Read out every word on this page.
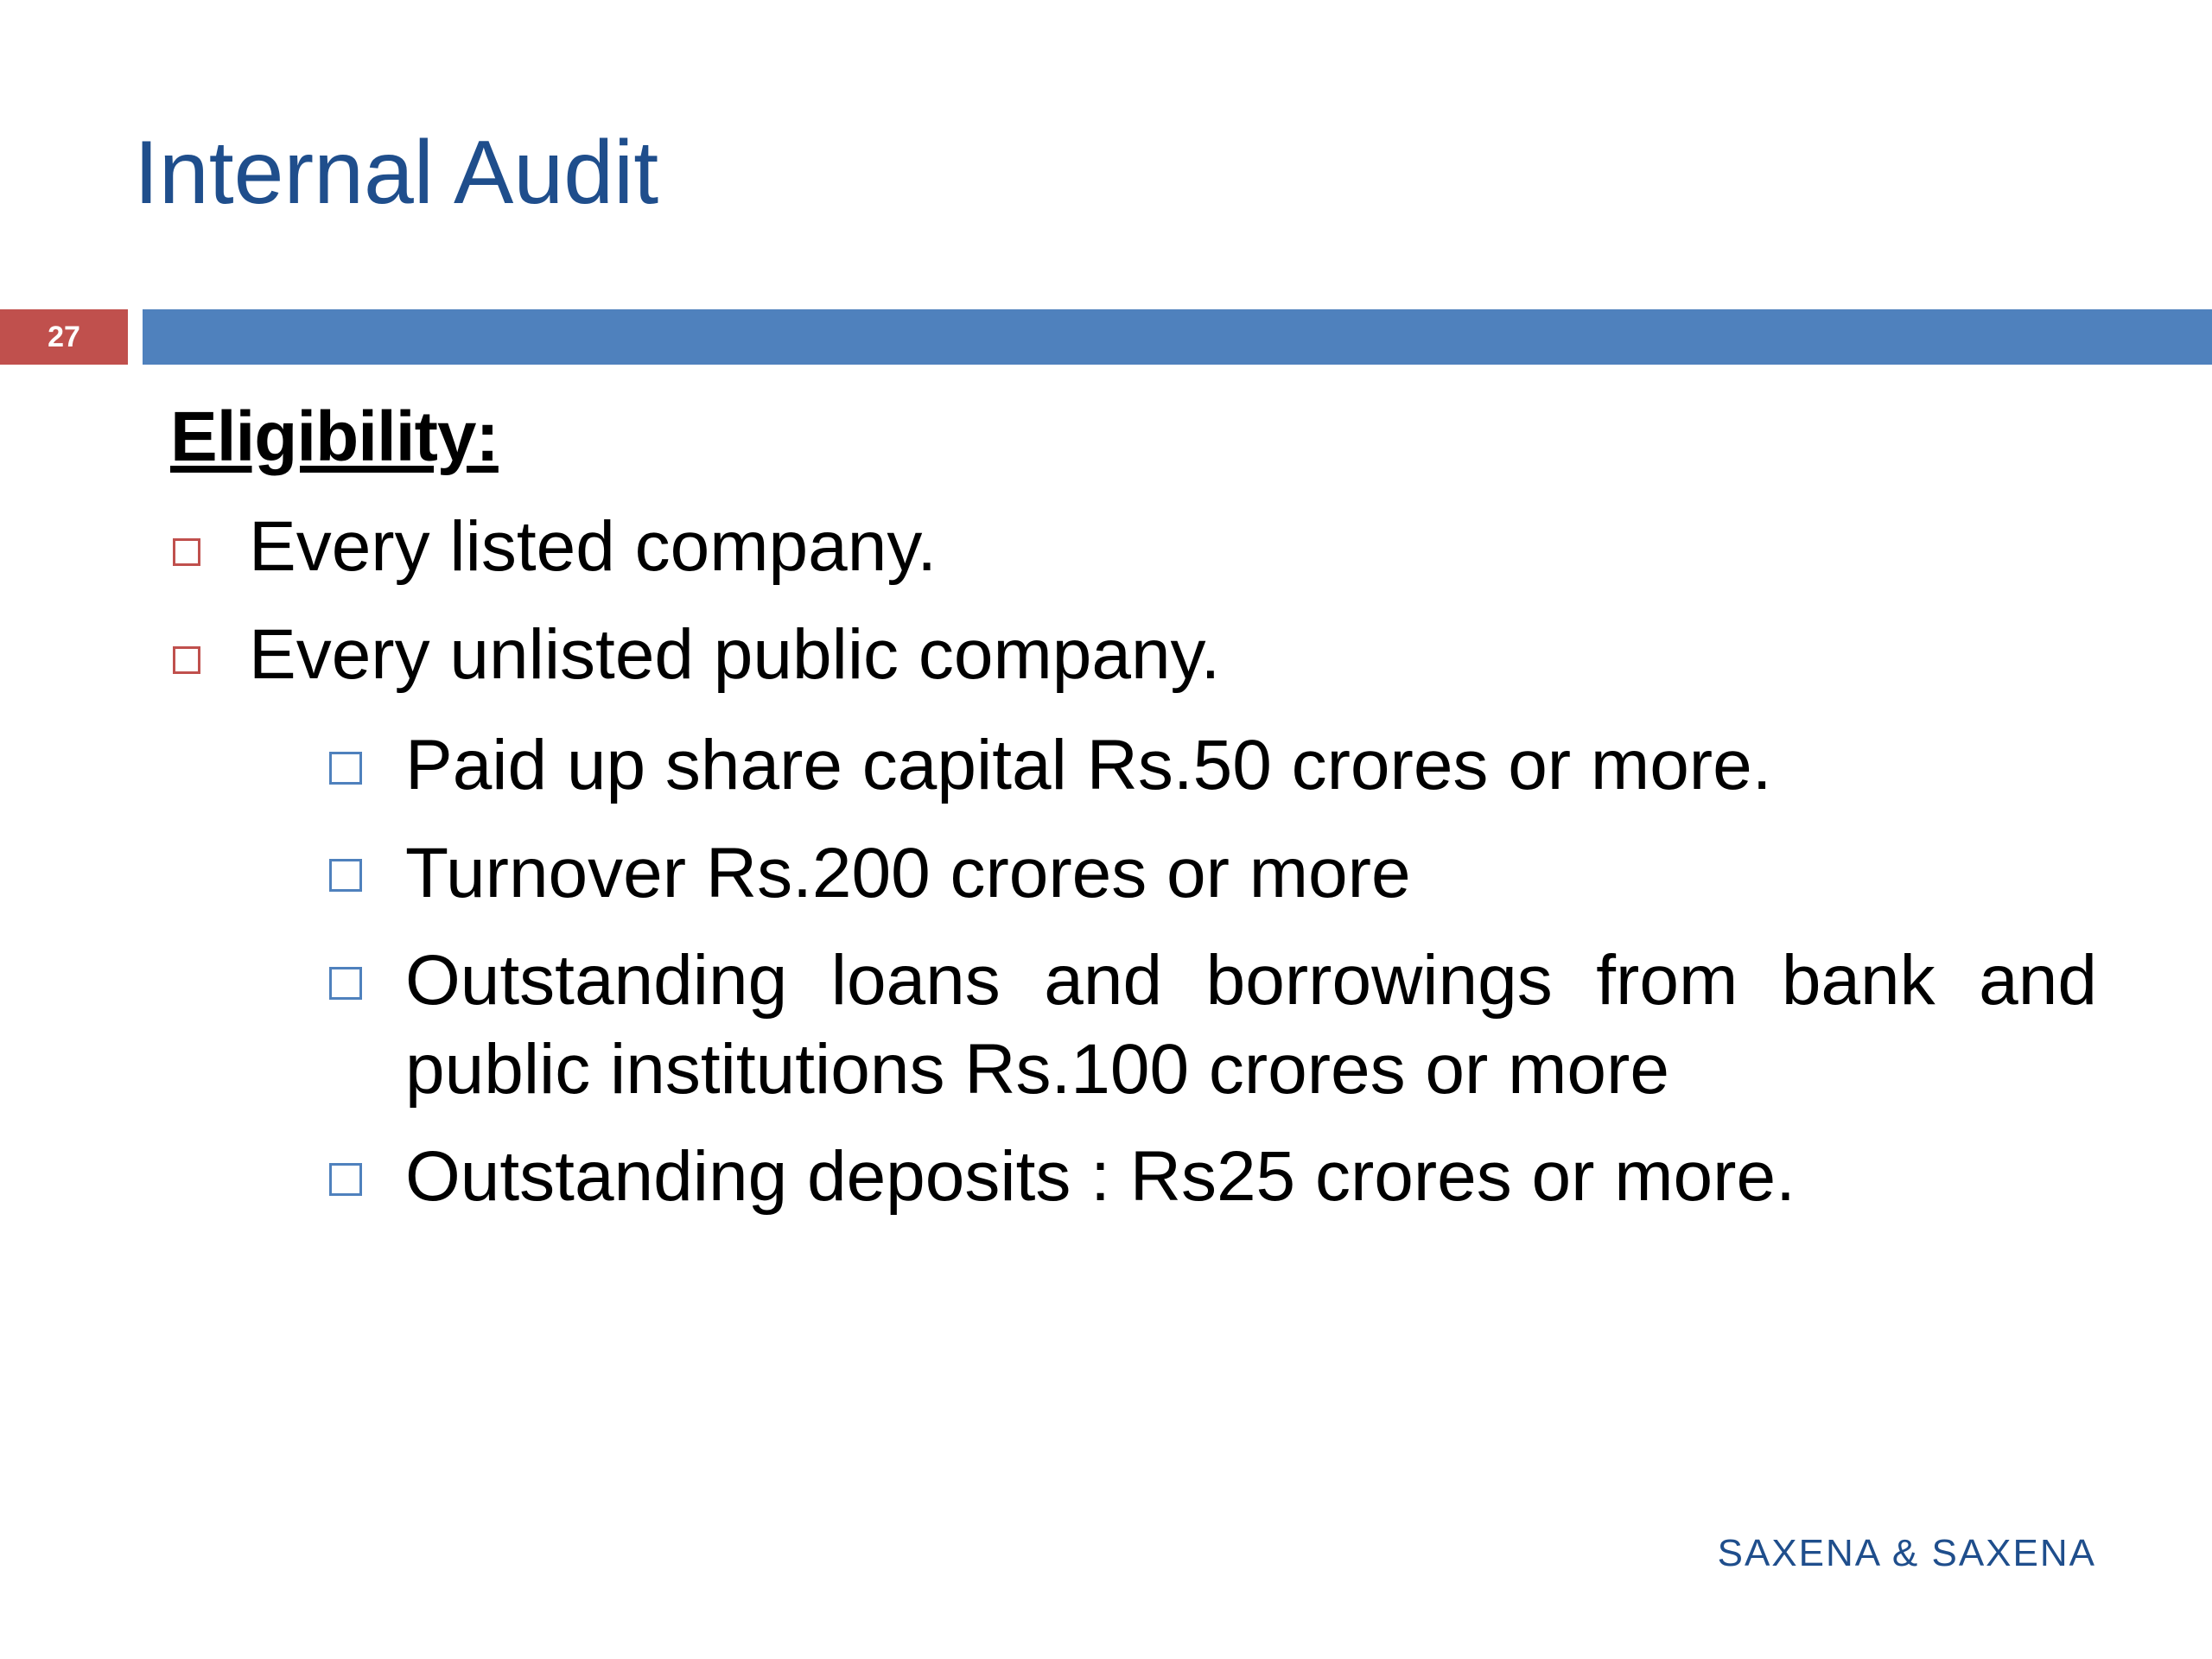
Internal Audit
27

Eligibility:

Every listed company.

Every unlisted public company.

Paid up share capital Rs.50 crores or more.

Turnover Rs.200 crores or more

Outstanding loans and borrowings from bank and public institutions Rs.100 crores or more

Outstanding deposits : Rs25 crores or more.

SAXENA & SAXENA
